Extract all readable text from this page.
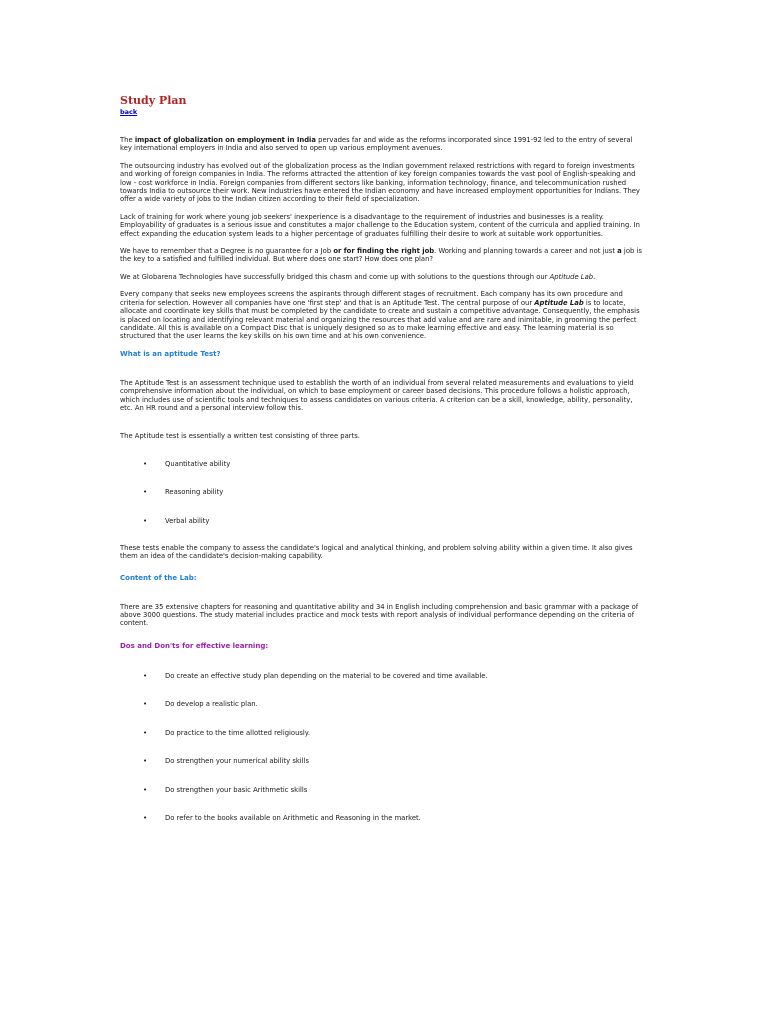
Study Plan
back

The impact of globalization on employment in India pervades far and wide as the reforms incorporated since 1991-92 led to the entry of several key international employers in India and also served to open up various employment avenues.

The outsourcing industry has evolved out of the globalization process as the Indian government relaxed restrictions with regard to foreign investments and working of foreign companies in India. The reforms attracted the attention of key foreign companies towards the vast pool of English-speaking and low - cost workforce in India. Foreign companies from different sectors like banking, information technology, finance, and telecommunication rushed towards India to outsource their work. New industries have entered the Indian economy and have increased employment opportunities for Indians. They offer a wide variety of jobs to the Indian citizen according to their field of specialization.

Lack of training for work where young job seekers' inexperience is a disadvantage to the requirement of industries and businesses is a reality. Employability of graduates is a serious issue and constitutes a major challenge to the Education system, content of the curricula and applied training. In effect expanding the education system leads to a higher percentage of graduates fulfilling their desire to work at suitable work opportunities.

We have to remember that a Degree is no guarantee for a Job or for finding the right job. Working and planning towards a career and not just a job is the key to a satisfied and fulfilled individual. But where does one start? How does one plan?

We at Globarena Technologies have successfully bridged this chasm and come up with solutions to the questions through our Aptitude Lab.

Every company that seeks new employees screens the aspirants through different stages of recruitment. Each company has its own procedure and criteria for selection. However all companies have one 'first step' and that is an Aptitude Test. The central purpose of our Aptitude Lab is to locate, allocate and coordinate key skills that must be completed by the candidate to create and sustain a competitive advantage. Consequently, the emphasis is placed on locating and identifying relevant material and organizing the resources that add value and are rare and inimitable, in grooming the perfect candidate. All this is available on a Compact Disc that is uniquely designed so as to make learning effective and easy. The learning material is so structured that the user learns the key skills on his own time and at his own convenience.

What is an aptitude Test?

The Aptitude Test is an assessment technique used to establish the worth of an individual from several related measurements and evaluations to yield comprehensive information about the individual, on which to base employment or career based decisions. This procedure follows a holistic approach, which includes use of scientific tools and techniques to assess candidates on various criteria. A criterion can be a skill, knowledge, ability, personality, etc. An HR round and a personal interview follow this.

The Aptitude test is essentially a written test consisting of three parts.

•	Quantitative ability
•	Reasoning ability
•	Verbal ability

These tests enable the company to assess the candidate's logical and analytical thinking, and problem solving ability within a given time. It also gives them an idea of the candidate's decision-making capability.

Content of the Lab:

There are 35 extensive chapters for reasoning and quantitative ability and 34 in English including comprehension and basic grammar with a package of above 3000 questions. The study material includes practice and mock tests with report analysis of individual performance depending on the criteria of content.

Dos and Don'ts for effective learning:
•	Do create an effective study plan depending on the material to be covered and time available.
•	Do develop a realistic plan.
•	Do practice to the time allotted religiously.
•	Do strengthen your numerical ability skills
•	Do strengthen your basic Arithmetic skills
•	Do refer to the books available on Arithmetic and Reasoning in the market.
